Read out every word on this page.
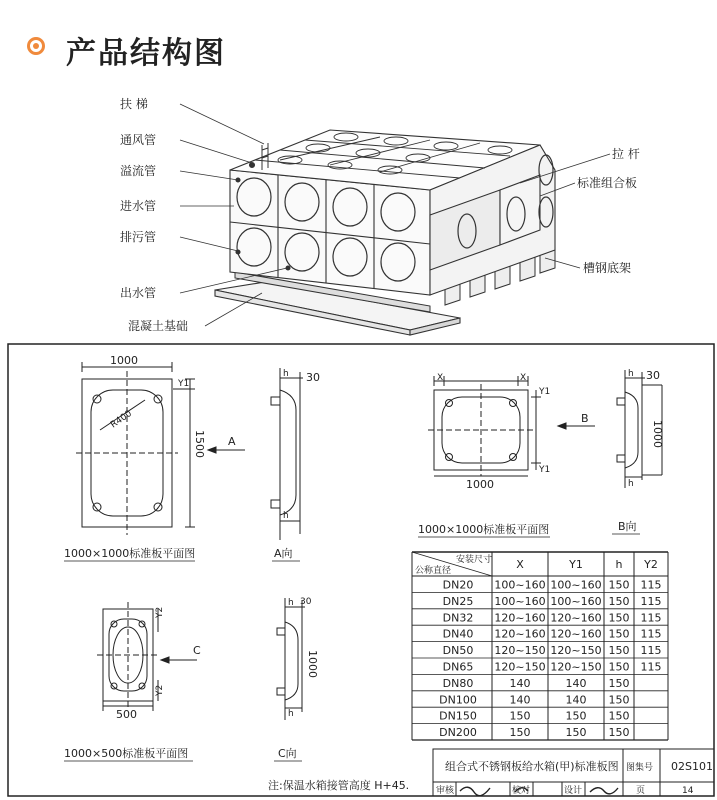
产品结构图
扶 梯
通风管
溢流管
进水管
排污管
出水管
混凝土基础
拉 杆
标准组合板
槽钢底架
1000
1500
R400
Y1
A
1000×1000标准板平面图
h 30
h
A向
X	X
Y1
Y1
1000
B
1000×1000标准板平面图
h 30
1000
h
B向
Y2
Y2
500
C
1000×500标准板平面图
h 30
1000
h
C向
注:保温水箱接管高度 H+45.
安装尺寸
公称直径	X	Y1	h Y2
DN20 100~160 100~160 150 115
DN25 100~160 100~160 150 115
DN32 120~160 120~160 150 115
DN40 120~160 120~160 150 115
DN50 120~150 120~150 150 115
DN65 120~150 120~150 150 115
DN80	140	140 150
DN100	140	140 150
DN150	150	150 150
DN200	150	150 150
组合式不锈钢板给水箱(甲)标准板图 图集号 02S101
审核	校对	设计	页	14
